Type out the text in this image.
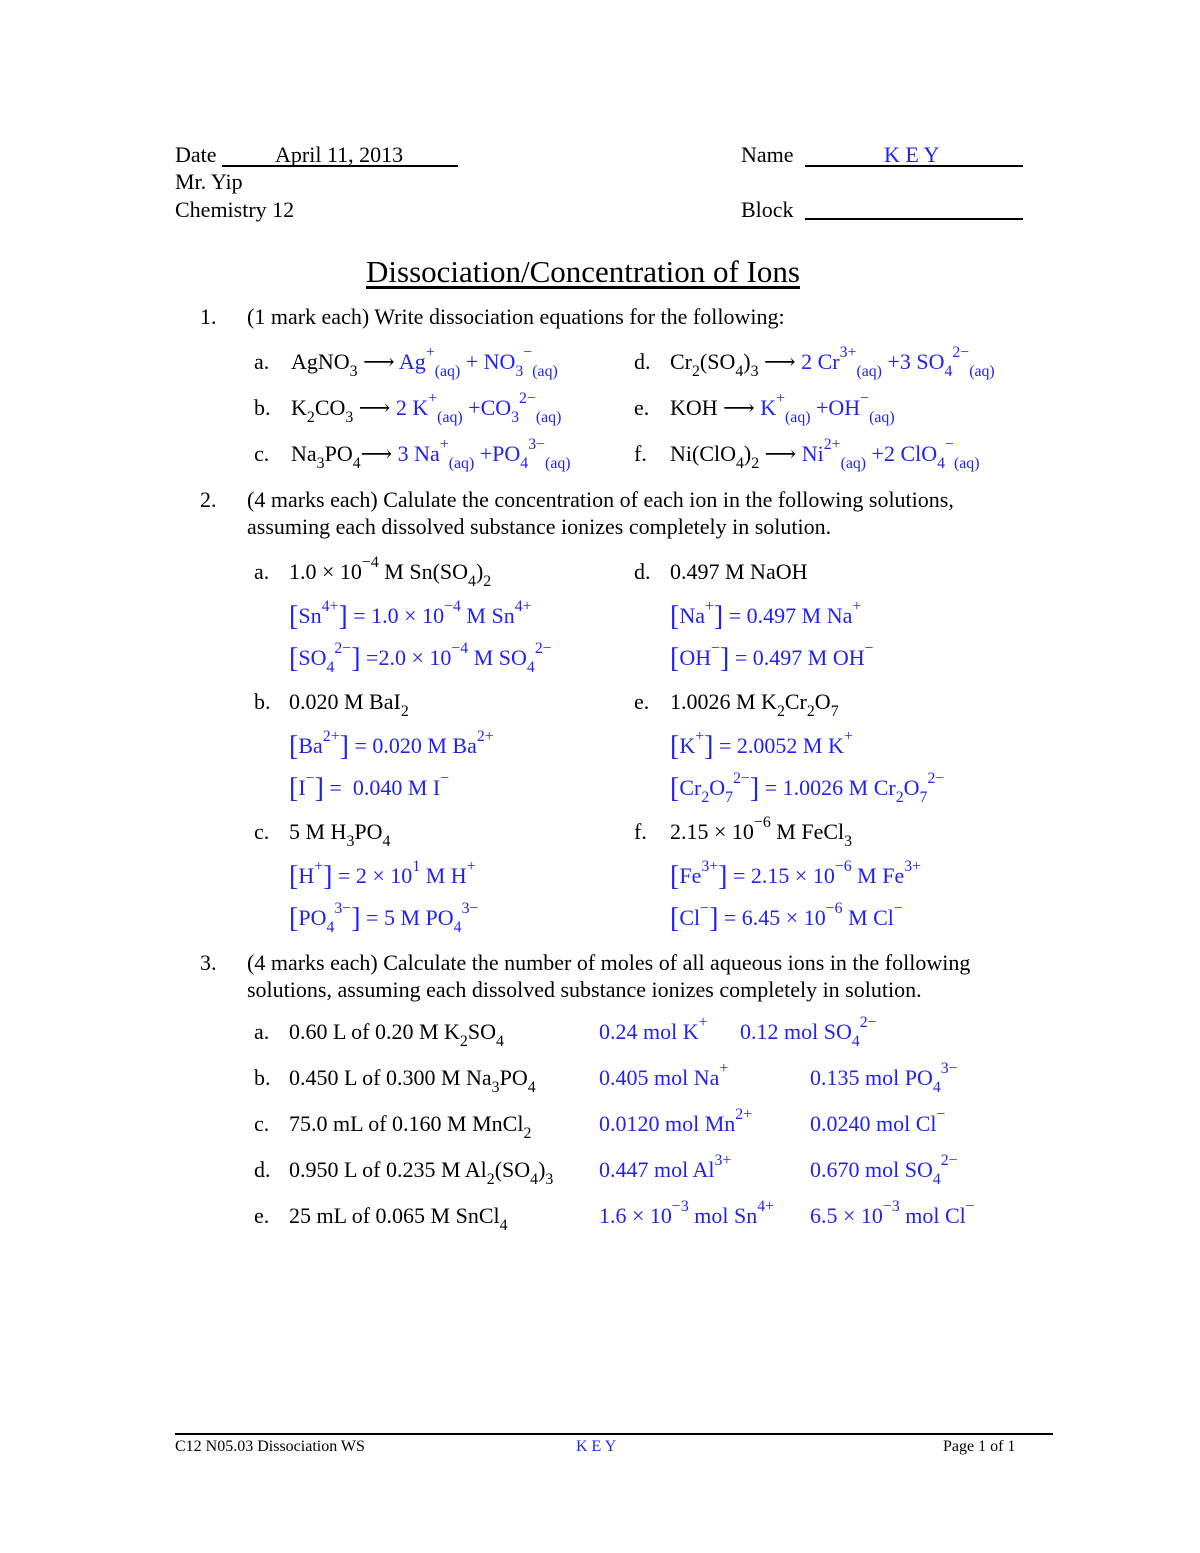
Date	April 11, 2013
Mr. Yip
Chemistry 12
Name	K E Y
Block
Dissociation/Concentration of Ions
1. (1 mark each) Write dissociation equations for the following:
a. AgNO$_3$ ⟶ $Ag^+_{(aq)} + NO_3^-_{(aq)}$
b. $K_2CO_3$ ⟶ 2 $K^+_{(aq)} +CO_3^{2-}_{(aq)}$
c. $Na_3PO_4⟶$ 3 $Na^+_{(aq)} +PO_4^{3-}_{(aq)}$
d. $Cr_2(SO_4)_3$ ⟶ 2 $Cr^{3+}_{(aq)} +3$ $SO_4^{2-}_{(aq)}$
e. KOH ⟶ $K^+_{(aq)} +OH^-_{(aq)}$
f. $Ni(ClO_4)_2$ ⟶ $Ni^{2+}_{(aq)} +2$ ClO$_4$−$_{(aq)}$
2. (4 marks each) Calulate the concentration of each ion in the following solutions,
assuming each dissolved substance ionizes completely in solution.
a. $1.0 \times 10^{-4}$ M $Sn(SO_4)_2$
$[Sn^{4+}] = 1.0 \times 10^{-4}$ M $Sn^{4+}$
$[SO_4^{2-}] =2.0 \times 10^{-4}$ M $SO_4^{2-}$
b. 0.020 M BaI$_2$
$[Ba^{2+}] = 0.020$ M $Ba^{2+}$
[I−] =  0.040 M I−
c. 5 M $H_3PO_4$
$[H^+] = 2 \times 10^1$ M H+
$[PO_4^{3-}] = 5$ M $PO_4^{3-}$
d. 0.497 M NaOH
[Na+] = 0.497 M Na+
[OH−] = 0.497 M OH−
e. 1.0026 M $K_2Cr_2O_7$
[K+] = 2.0052 M K+
$[Cr_2O_7^{2-}] = 1.0026$ M $Cr_2O_7^{2-}$
f. $2.15 \times 10^{-6}$ M FeCl$_3$
$[Fe^{3+}] = 2.15 \times 10^{-6}$ M $Fe^{3+}$
$[Cl^-] = 6.45 \times 10^{-6}$ M Cl−
3. (4 marks each) Calculate the number of moles of all aqueous ions in the following
solutions, assuming each dissolved substance ionizes completely in solution.
a. 0.60 L of 0.20 M $K_2SO_4$	0.24 mol K+ 0.12 mol $SO_4^{2-}$
b. 0.450 L of 0.300 M $Na_3PO_4$	0.405 mol Na+	0.135 mol $PO_4^{3-}$
c. 75.0 mL of 0.160 M MnCl$_2$	0.0120 mol $Mn^{2+}$	0.0240 mol Cl−
d. 0.950 L of 0.235 M $Al_2(SO_4)_3$ 0.447 mol $Al^{3+}$	0.670 mol $SO_4^{2-}$
e. 25 mL of 0.065 M SnCl$_4$	$1.6 \times 10^{-3}$ mol $Sn^{4+}$ $6.5 \times 10^{-3}$ mol Cl−
C12 N05.03 Dissociation WS	K E Y	Page 1 of 1
